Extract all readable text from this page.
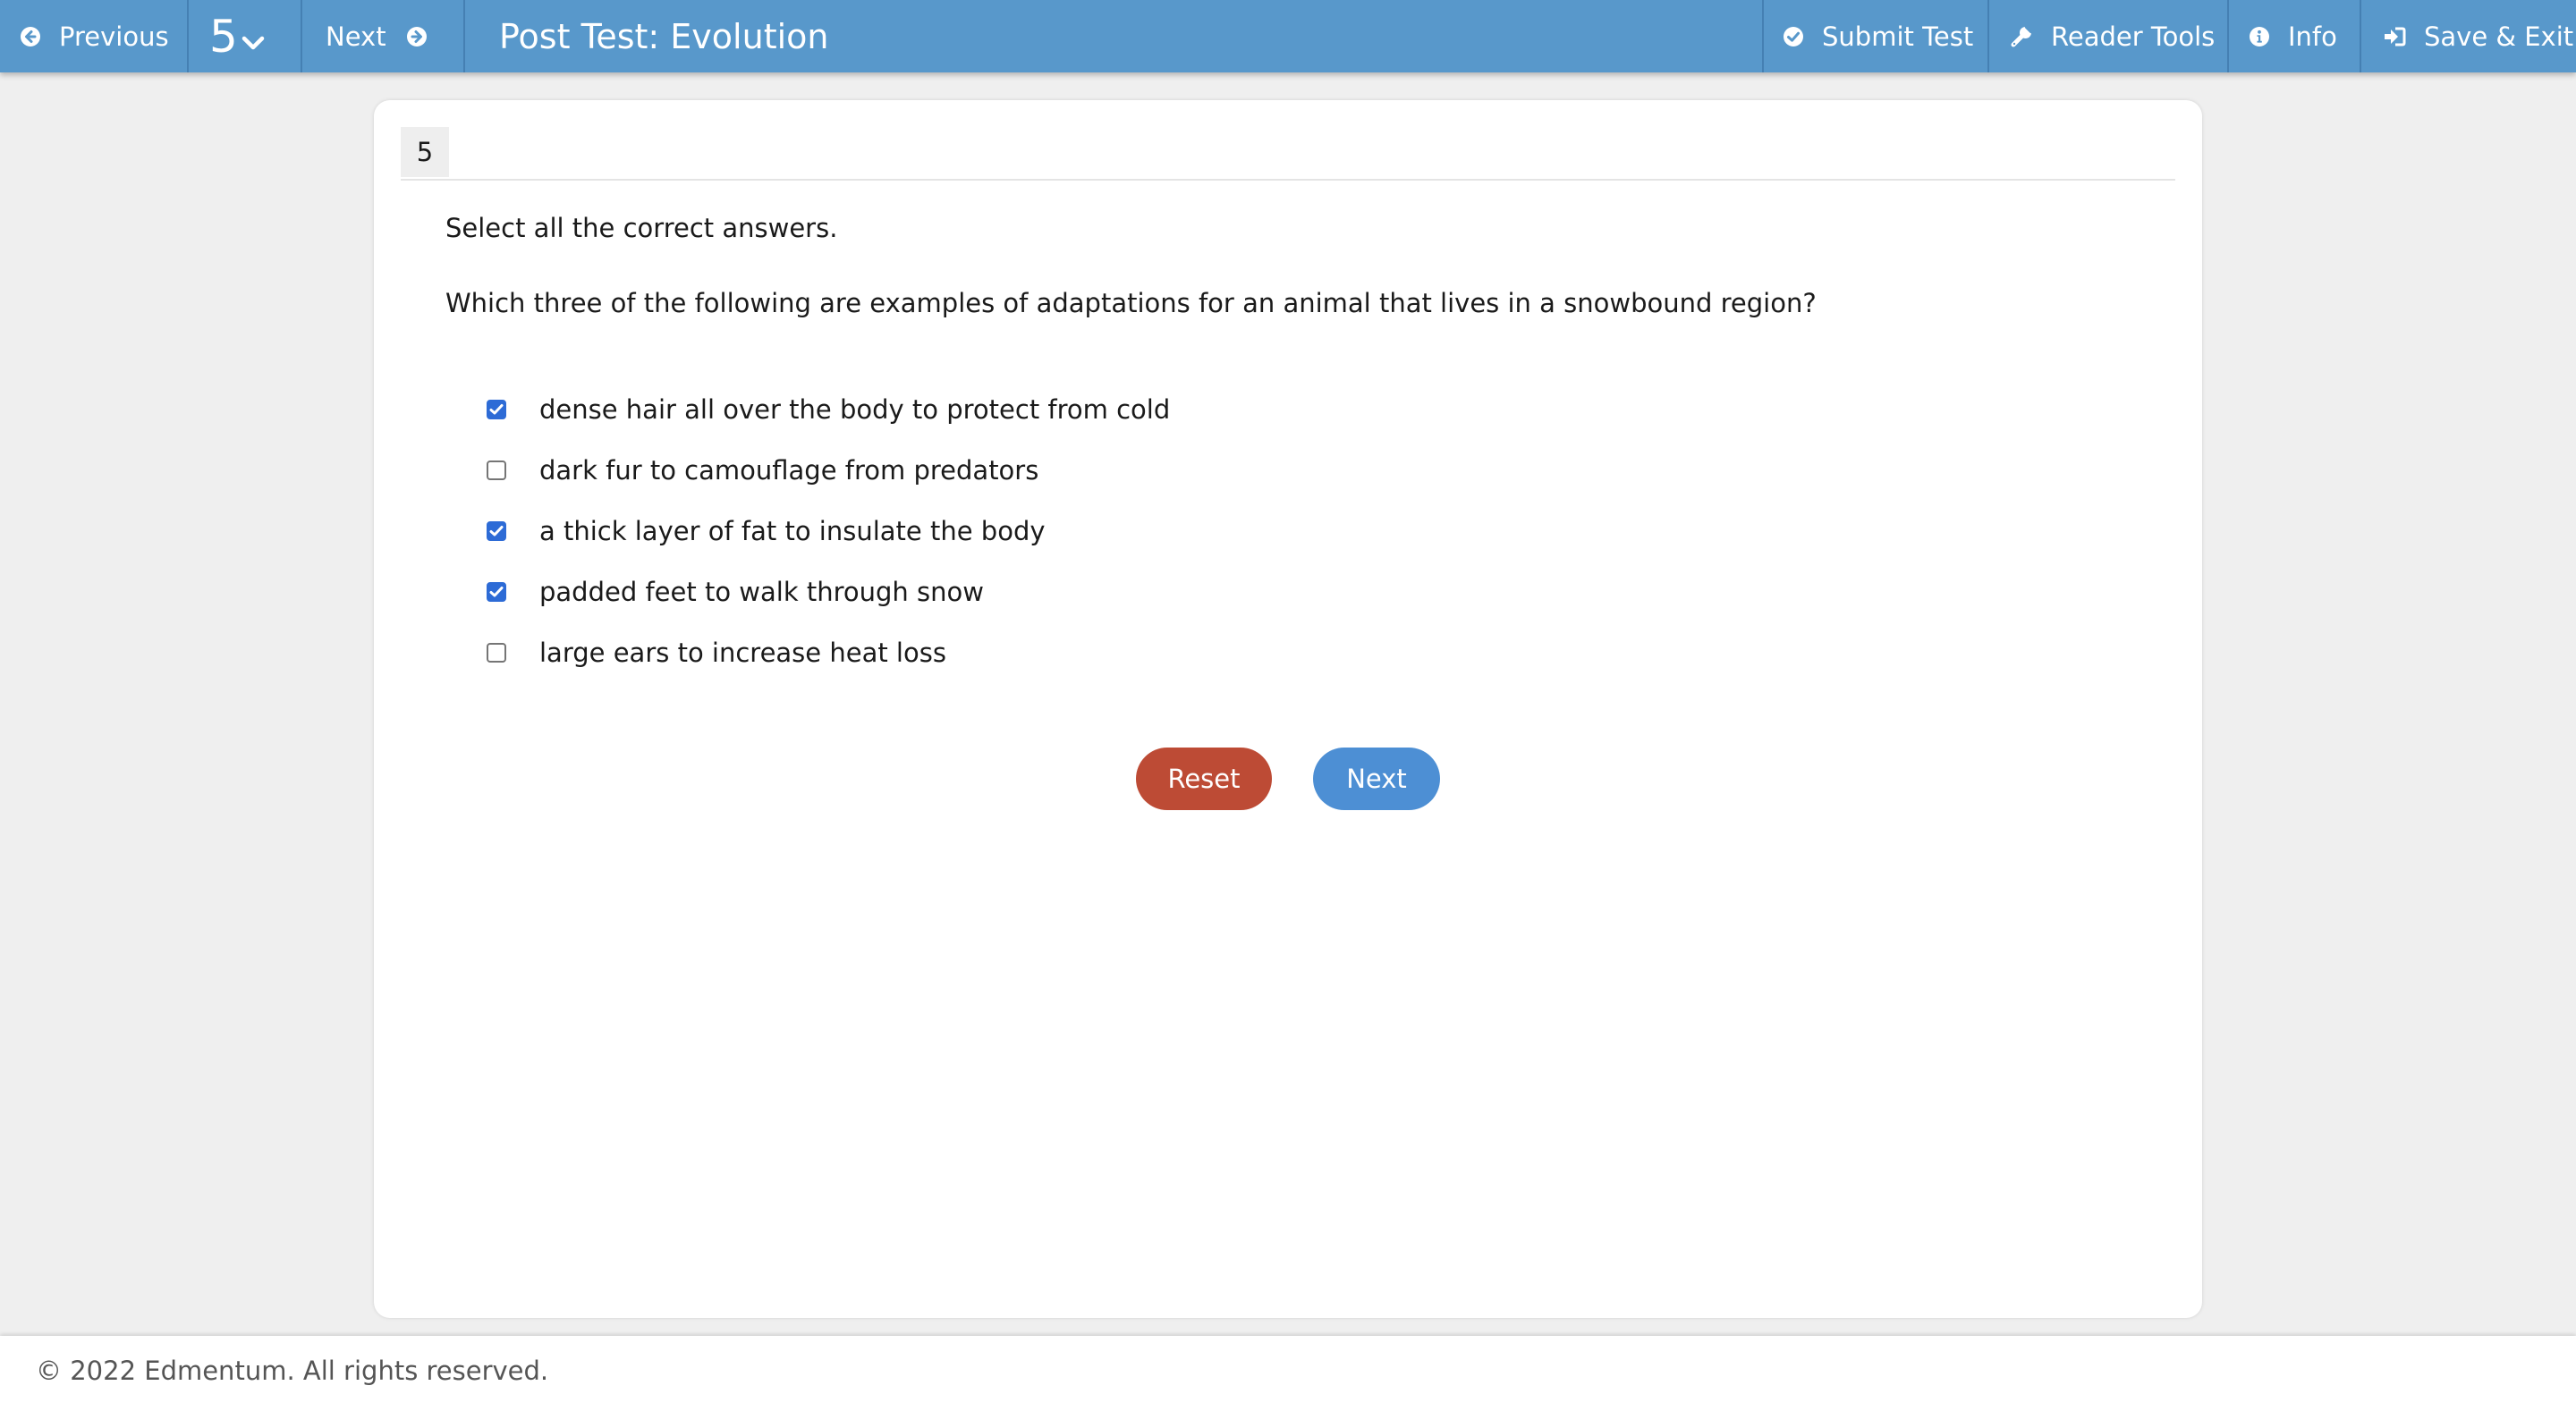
Previous 5	Next	Post Test: Evolution	Submit Test	Reader Tools	Info	Save & Exit
5
Select all the correct answers.
Which three of the following are examples of adaptations for an animal that lives in a snowbound region?
dense hair all over the body to protect from cold
dark fur to camouflage from predators
a thick layer of fat to insulate the body
padded feet to walk through snow
large ears to increase heat loss
Reset	Next
© 2022 Edmentum. All rights reserved.
